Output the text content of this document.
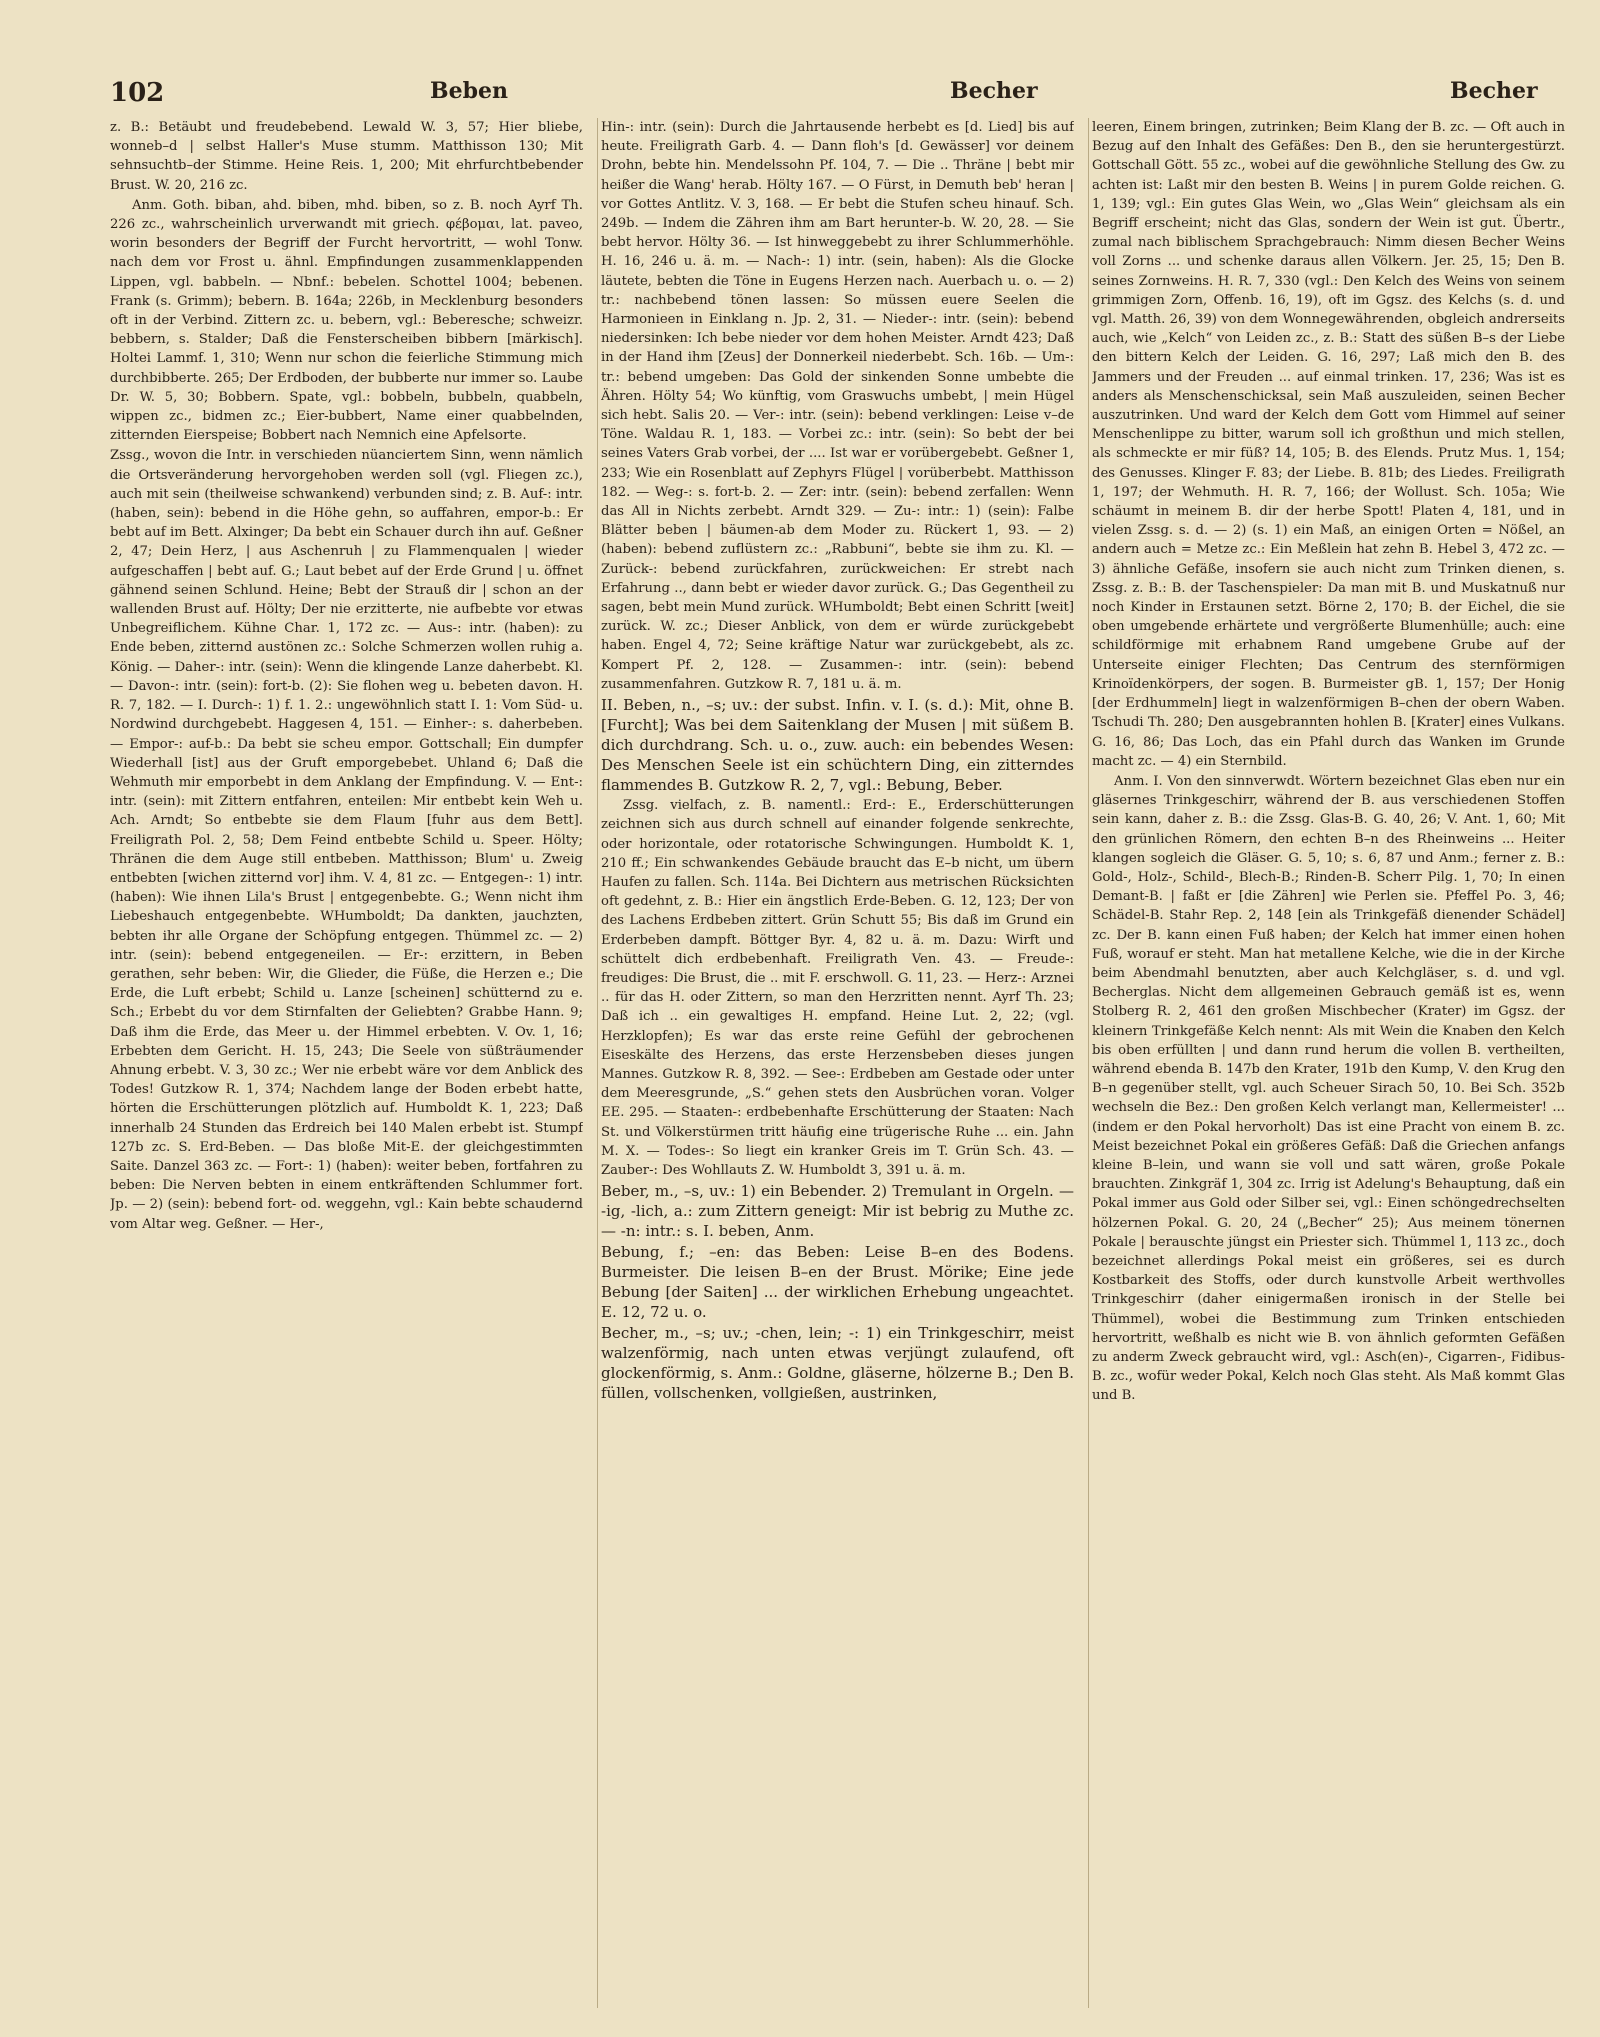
102	Beben	Becher	Becher

z. B.: Betäubt und freudebebend. Lewald W. 3, 57; Hier bliebe, wonneb–d | selbst Haller's Muse stumm. Matthisson 130; Mit sehnsuchtb–der Stimme. Heine Reis. 1, 200; Mit ehrfurchtbebender Brust. W. 20, 216 zc.

Anm. Goth. biban, ahd. biben, mhd. biben, so z. B. noch Ayrf Th. 226 zc., wahrscheinlich urverwandt mit griech. φέβομαι, lat. paveo, worin besonders der Begriff der Furcht hervortritt, — wohl Tonw. nach dem vor Frost u. ähnl. Empfindungen zusammenklappenden Lippen, vgl. babbeln. — Nbnf.: bebelen. Schottel 1004; bebenen. Frank (s. Grimm); bebern. B. 164a; 226b, in Mecklenburg besonders oft in der Verbind. Zittern zc. u. bebern, vgl.: Beberesche; schweizr. bebbern, s. Stalder; Daß die Fensterscheiben bibbern [märkisch]. Holtei Lammf. 1, 310; Wenn nur schon die feierliche Stimmung mich durchbibberte. 265; Der Erdboden, der bubberte nur immer so. Laube Dr. W. 5, 30; Bobbern. Spate, vgl.: bobbeln, bubbeln, quabbeln, wippen zc., bidmen zc.; Eier-bubbert, Name einer quabbelnden, zitternden Eierspeise; Bobbert nach Nemnich eine Apfelsorte.

Zssg., wovon die Intr. in verschieden nüanciertem Sinn, wenn nämlich die Ortsveränderung hervorgehoben werden soll (vgl. Fliegen zc.), auch mit sein (theilweise schwankend) verbunden sind; z. B. Auf-: intr. (haben, sein): bebend in die Höhe gehn, so auffahren, empor-b.: Er bebt auf im Bett. Alxinger; Da bebt ein Schauer durch ihn auf. Geßner 2, 47; Dein Herz, | aus Aschenruh | zu Flammenqualen | wieder aufgeschaffen | bebt auf. G.; Laut bebet auf der Erde Grund | u. öffnet gähnend seinen Schlund. Heine; Bebt der Strauß dir | schon an der wallenden Brust auf. Hölty; Der nie erzitterte, nie aufbebte vor etwas Unbegreiflichem. Kühne Char. 1, 172 zc. — Aus-: intr. (haben): zu Ende beben, zitternd austönen zc.: Solche Schmerzen wollen ruhig a. König. — Daher-: intr. (sein): Wenn die klingende Lanze daherbebt. Kl. — Davon-: intr. (sein): fort-b. (2): Sie flohen weg u. bebeten davon. H. R. 7, 182. — I. Durch-: 1) f. 1. 2.: ungewöhnlich statt I. 1: Vom Süd- u. Nordwind durchgebebt. Haggesen 4, 151. — Einher-: s. daherbeben. — Empor-: auf-b.: Da bebt sie scheu empor. Gottschall; Ein dumpfer Wiederhall [ist] aus der Gruft emporgebebet. Uhland 6; Daß die Wehmuth mir emporbebt in dem Anklang der Empfindung. V. — Ent-: intr. (sein): mit Zittern entfahren, enteilen: Mir entbebt kein Weh u. Ach. Arndt; So entbebte sie dem Flaum [fuhr aus dem Bett]. Freiligrath Pol. 2, 58; Dem Feind entbebte Schild u. Speer. Hölty; Thränen die dem Auge still entbeben. Matthisson; Blum' u. Zweig entbebten [wichen zitternd vor] ihm. V. 4, 81 zc. — Entgegen-: 1) intr. (haben): Wie ihnen Lila's Brust | entgegenbebte. G.; Wenn nicht ihm Liebeshauch entgegenbebte. WHumboldt; Da dankten, jauchzten, bebten ihr alle Organe der Schöpfung entgegen. Thümmel zc. — 2) intr. (sein): bebend entgegeneilen. — Er-: erzittern, in Beben gerathen, sehr beben: Wir, die Glieder, die Füße, die Herzen e.; Die Erde, die Luft erbebt; Schild u. Lanze [scheinen] schütternd zu e. Sch.; Erbebt du vor dem Stirnfalten der Geliebten? Grabbe Hann. 9; Daß ihm die Erde, das Meer u. der Himmel erbebten. V. Ov. 1, 16; Erbebten dem Gericht. H. 15, 243; Die Seele von süßträumender Ahnung erbebt. V. 3, 30 zc.; Wer nie erbebt wäre vor dem Anblick des Todes! Gutzkow R. 1, 374; Nachdem lange der Boden erbebt hatte, hörten die Erschütterungen plötzlich auf. Humboldt K. 1, 223; Daß innerhalb 24 Stunden das Erdreich bei 140 Malen erbebt ist. Stumpf 127b zc. S. Erd-Beben. — Das bloße Mit-E. der gleichgestimmten Saite. Danzel 363 zc. — Fort-: 1) (haben): weiter beben, fortfahren zu beben: Die Nerven bebten in einem entkräftenden Schlummer fort. Jp. — 2) (sein): bebend fort- od. weggehn, vgl.: Kain bebte schaudernd vom Altar weg. Geßner. — Her-,

Hin-: intr. (sein): Durch die Jahrtausende herbebt es [d. Lied] bis auf heute. Freiligrath Garb. 4. — Dann floh's [d. Gewässer] vor deinem Drohn, bebte hin. Mendelssohn Pf. 104, 7. — Die .. Thräne | bebt mir heißer die Wang' herab. Hölty 167. — O Fürst, in Demuth beb' heran | vor Gottes Antlitz. V. 3, 168. — Er bebt die Stufen scheu hinauf. Sch. 249b. — Indem die Zähren ihm am Bart herunter-b. W. 20, 28. — Sie bebt hervor. Hölty 36. — Ist hinweggebebt zu ihrer Schlummerhöhle. H. 16, 246 u. ä. m. — Nach-: 1) intr. (sein, haben): Als die Glocke läutete, bebten die Töne in Eugens Herzen nach. Auerbach u. o. — 2) tr.: nachbebend tönen lassen: So müssen euere Seelen die Harmonieen in Einklang n. Jp. 2, 31. — Nieder-: intr. (sein): bebend niedersinken: Ich bebe nieder vor dem hohen Meister. Arndt 423; Daß in der Hand ihm [Zeus] der Donnerkeil niederbebt. Sch. 16b. — Um-: tr.: bebend umgeben: Das Gold der sinkenden Sonne umbebte die Ähren. Hölty 54; Wo künftig, vom Graswuchs umbebt, | mein Hügel sich hebt. Salis 20. — Ver-: intr. (sein): bebend verklingen: Leise v–de Töne. Waldau R. 1, 183. — Vorbei zc.: intr. (sein): So bebt der bei seines Vaters Grab vorbei, der .... Ist war er vorübergebebt. Geßner 1, 233; Wie ein Rosenblatt auf Zephyrs Flügel | vorüberbebt. Matthisson 182. — Weg-: s. fort-b. 2. — Zer: intr. (sein): bebend zerfallen: Wenn das All in Nichts zerbebt. Arndt 329. — Zu-: intr.: 1) (sein): Falbe Blätter beben | bäumen-ab dem Moder zu. Rückert 1, 93. — 2) (haben): bebend zuflüstern zc.: „Rabbuni“, bebte sie ihm zu. Kl. — Zurück-: bebend zurückfahren, zurückweichen: Er strebt nach Erfahrung .., dann bebt er wieder davor zurück. G.; Das Gegentheil zu sagen, bebt mein Mund zurück. WHumboldt; Bebt einen Schritt [weit] zurück. W. zc.; Dieser Anblick, von dem er würde zurückgebebt haben. Engel 4, 72; Seine kräftige Natur war zurückgebebt, als zc. Kompert Pf. 2, 128. — Zusammen-: intr. (sein): bebend zusammenfahren. Gutzkow R. 7, 181 u. ä. m.

II. Beben, n., –s; uv.: der subst. Infin. v. I. (s. d.): Mit, ohne B. [Furcht]; Was bei dem Saitenklang der Musen | mit süßem B. dich durchdrang. Sch. u. o., zuw. auch: ein bebendes Wesen: Des Menschen Seele ist ein schüchtern Ding, ein zitterndes flammendes B. Gutzkow R. 2, 7, vgl.: Bebung, Beber.

Zssg. vielfach, z. B. namentl.: Erd-: E., Erderschütterungen zeichnen sich aus durch schnell auf einander folgende senkrechte, oder horizontale, oder rotatorische Schwingungen. Humboldt K. 1, 210 ff.; Ein schwankendes Gebäude braucht das E–b nicht, um übern Haufen zu fallen. Sch. 114a. Bei Dichtern aus metrischen Rücksichten oft gedehnt, z. B.: Hier ein ängstlich Erde-Beben. G. 12, 123; Der von des Lachens Erdbeben zittert. Grün Schutt 55; Bis daß im Grund ein Erderbeben dampft. Böttger Byr. 4, 82 u. ä. m. Dazu: Wirft und schüttelt dich erdbebenhaft. Freiligrath Ven. 43. — Freude-: freudiges: Die Brust, die .. mit F. erschwoll. G. 11, 23. — Herz-: Arznei .. für das H. oder Zittern, so man den Herzritten nennt. Ayrf Th. 23; Daß ich .. ein gewaltiges H. empfand. Heine Lut. 2, 22; (vgl. Herzklopfen); Es war das erste reine Gefühl der gebrochenen Eiseskälte des Herzens, das erste Herzensbeben dieses jungen Mannes. Gutzkow R. 8, 392. — See-: Erdbeben am Gestade oder unter dem Meeresgrunde, „S.“ gehen stets den Ausbrüchen voran. Volger EE. 295. — Staaten-: erdbebenhafte Erschütterung der Staaten: Nach St. und Völkerstürmen tritt häufig eine trügerische Ruhe ... ein. Jahn M. X. — Todes-: So liegt ein kranker Greis im T. Grün Sch. 43. — Zauber-: Des Wohllauts Z. W. Humboldt 3, 391 u. ä. m.

Beber, m., –s, uv.: 1) ein Bebender. 2) Tremulant in Orgeln. — -ig, -lich, a.: zum Zittern geneigt: Mir ist bebrig zu Muthe zc. — -n: intr.: s. I. beben, Anm.

Bebung, f.; –en: das Beben: Leise B–en des Bodens. Burmeister. Die leisen B–en der Brust. Mörike; Eine jede Bebung [der Saiten] ... der wirklichen Erhebung ungeachtet. E. 12, 72 u. o.

Becher, m., –s; uv.; -chen, lein; -: 1) ein Trinkgeschirr, meist walzenförmig, nach unten etwas verjüngt zulaufend, oft glockenförmig, s. Anm.: Goldne, gläserne, hölzerne B.; Den B. füllen, vollschenken, vollgießen, austrinken,

leeren, Einem bringen, zutrinken; Beim Klang der B. zc. — Oft auch in Bezug auf den Inhalt des Gefäßes: Den B., den sie heruntergestürzt. Gottschall Gött. 55 zc., wobei auf die gewöhnliche Stellung des Gw. zu achten ist: Laßt mir den besten B. Weins | in purem Golde reichen. G. 1, 139; vgl.: Ein gutes Glas Wein, wo „Glas Wein“ gleichsam als ein Begriff erscheint; nicht das Glas, sondern der Wein ist gut. Übertr., zumal nach biblischem Sprachgebrauch: Nimm diesen Becher Weins voll Zorns ... und schenke daraus allen Völkern. Jer. 25, 15; Den B. seines Zornweins. H. R. 7, 330 (vgl.: Den Kelch des Weins von seinem grimmigen Zorn, Offenb. 16, 19), oft im Ggsz. des Kelchs (s. d. und vgl. Matth. 26, 39) von dem Wonnegewährenden, obgleich andrerseits auch, wie „Kelch“ von Leiden zc., z. B.: Statt des süßen B–s der Liebe den bittern Kelch der Leiden. G. 16, 297; Laß mich den B. des Jammers und der Freuden ... auf einmal trinken. 17, 236; Was ist es anders als Menschenschicksal, sein Maß auszuleiden, seinen Becher auszutrinken. Und ward der Kelch dem Gott vom Himmel auf seiner Menschenlippe zu bitter, warum soll ich großthun und mich stellen, als schmeckte er mir füß? 14, 105; B. des Elends. Prutz Mus. 1, 154; des Genusses. Klinger F. 83; der Liebe. B. 81b; des Liedes. Freiligrath 1, 197; der Wehmuth. H. R. 7, 166; der Wollust. Sch. 105a; Wie schäumt in meinem B. dir der herbe Spott! Platen 4, 181, und in vielen Zssg. s. d. — 2) (s. 1) ein Maß, an einigen Orten = Nößel, an andern auch = Metze zc.: Ein Meßlein hat zehn B. Hebel 3, 472 zc. — 3) ähnliche Gefäße, insofern sie auch nicht zum Trinken dienen, s. Zssg. z. B.: B. der Taschenspieler: Da man mit B. und Muskatnuß nur noch Kinder in Erstaunen setzt. Börne 2, 170; B. der Eichel, die sie oben umgebende erhärtete und vergrößerte Blumenhülle; auch: eine schildförmige mit erhabnem Rand umgebene Grube auf der Unterseite einiger Flechten; Das Centrum des sternförmigen Krinoïdenkörpers, der sogen. B. Burmeister gB. 1, 157; Der Honig [der Erdhummeln] liegt in walzenförmigen B–chen der obern Waben. Tschudi Th. 280; Den ausgebrannten hohlen B. [Krater] eines Vulkans. G. 16, 86; Das Loch, das ein Pfahl durch das Wanken im Grunde macht zc. — 4) ein Sternbild.

Anm. I. Von den sinnverwdt. Wörtern bezeichnet Glas eben nur ein gläsernes Trinkgeschirr, während der B. aus verschiedenen Stoffen sein kann, daher z. B.: die Zssg. Glas-B. G. 40, 26; V. Ant. 1, 60; Mit den grünlichen Römern, den echten B–n des Rheinweins ... Heiter klangen sogleich die Gläser. G. 5, 10; s. 6, 87 und Anm.; ferner z. B.: Gold-, Holz-, Schild-, Blech-B.; Rinden-B. Scherr Pilg. 1, 70; In einen Demant-B. | faßt er [die Zähren] wie Perlen sie. Pfeffel Po. 3, 46; Schädel-B. Stahr Rep. 2, 148 [ein als Trinkgefäß dienender Schädel] zc. Der B. kann einen Fuß haben; der Kelch hat immer einen hohen Fuß, worauf er steht. Man hat metallene Kelche, wie die in der Kirche beim Abendmahl benutzten, aber auch Kelchgläser, s. d. und vgl. Becherglas. Nicht dem allgemeinen Gebrauch gemäß ist es, wenn Stolberg R. 2, 461 den großen Mischbecher (Krater) im Ggsz. der kleinern Trinkgefäße Kelch nennt: Als mit Wein die Knaben den Kelch bis oben erfüllten | und dann rund herum die vollen B. vertheilten, während ebenda B. 147b den Krater, 191b den Kump, V. den Krug den B–n gegenüber stellt, vgl. auch Scheuer Sirach 50, 10. Bei Sch. 352b wechseln die Bez.: Den großen Kelch verlangt man, Kellermeister! ... (indem er den Pokal hervorholt) Das ist eine Pracht von einem B. zc. Meist bezeichnet Pokal ein größeres Gefäß: Daß die Griechen anfangs kleine B–lein, und wann sie voll und satt wären, große Pokale brauchten. Zinkgräf 1, 304 zc. Irrig ist Adelung's Behauptung, daß ein Pokal immer aus Gold oder Silber sei, vgl.: Einen schöngedrechselten hölzernen Pokal. G. 20, 24 („Becher“ 25); Aus meinem tönernen Pokale | berauschte jüngst ein Priester sich. Thümmel 1, 113 zc., doch bezeichnet allerdings Pokal meist ein größeres, sei es durch Kostbarkeit des Stoffs, oder durch kunstvolle Arbeit werthvolles Trinkgeschirr (daher einigermaßen ironisch in der Stelle bei Thümmel), wobei die Bestimmung zum Trinken entschieden hervortritt, weßhalb es nicht wie B. von ähnlich geformten Gefäßen zu anderm Zweck gebraucht wird, vgl.: Asch(en)-, Cigarren-, Fidibus-B. zc., wofür weder Pokal, Kelch noch Glas steht. Als Maß kommt Glas und B.
